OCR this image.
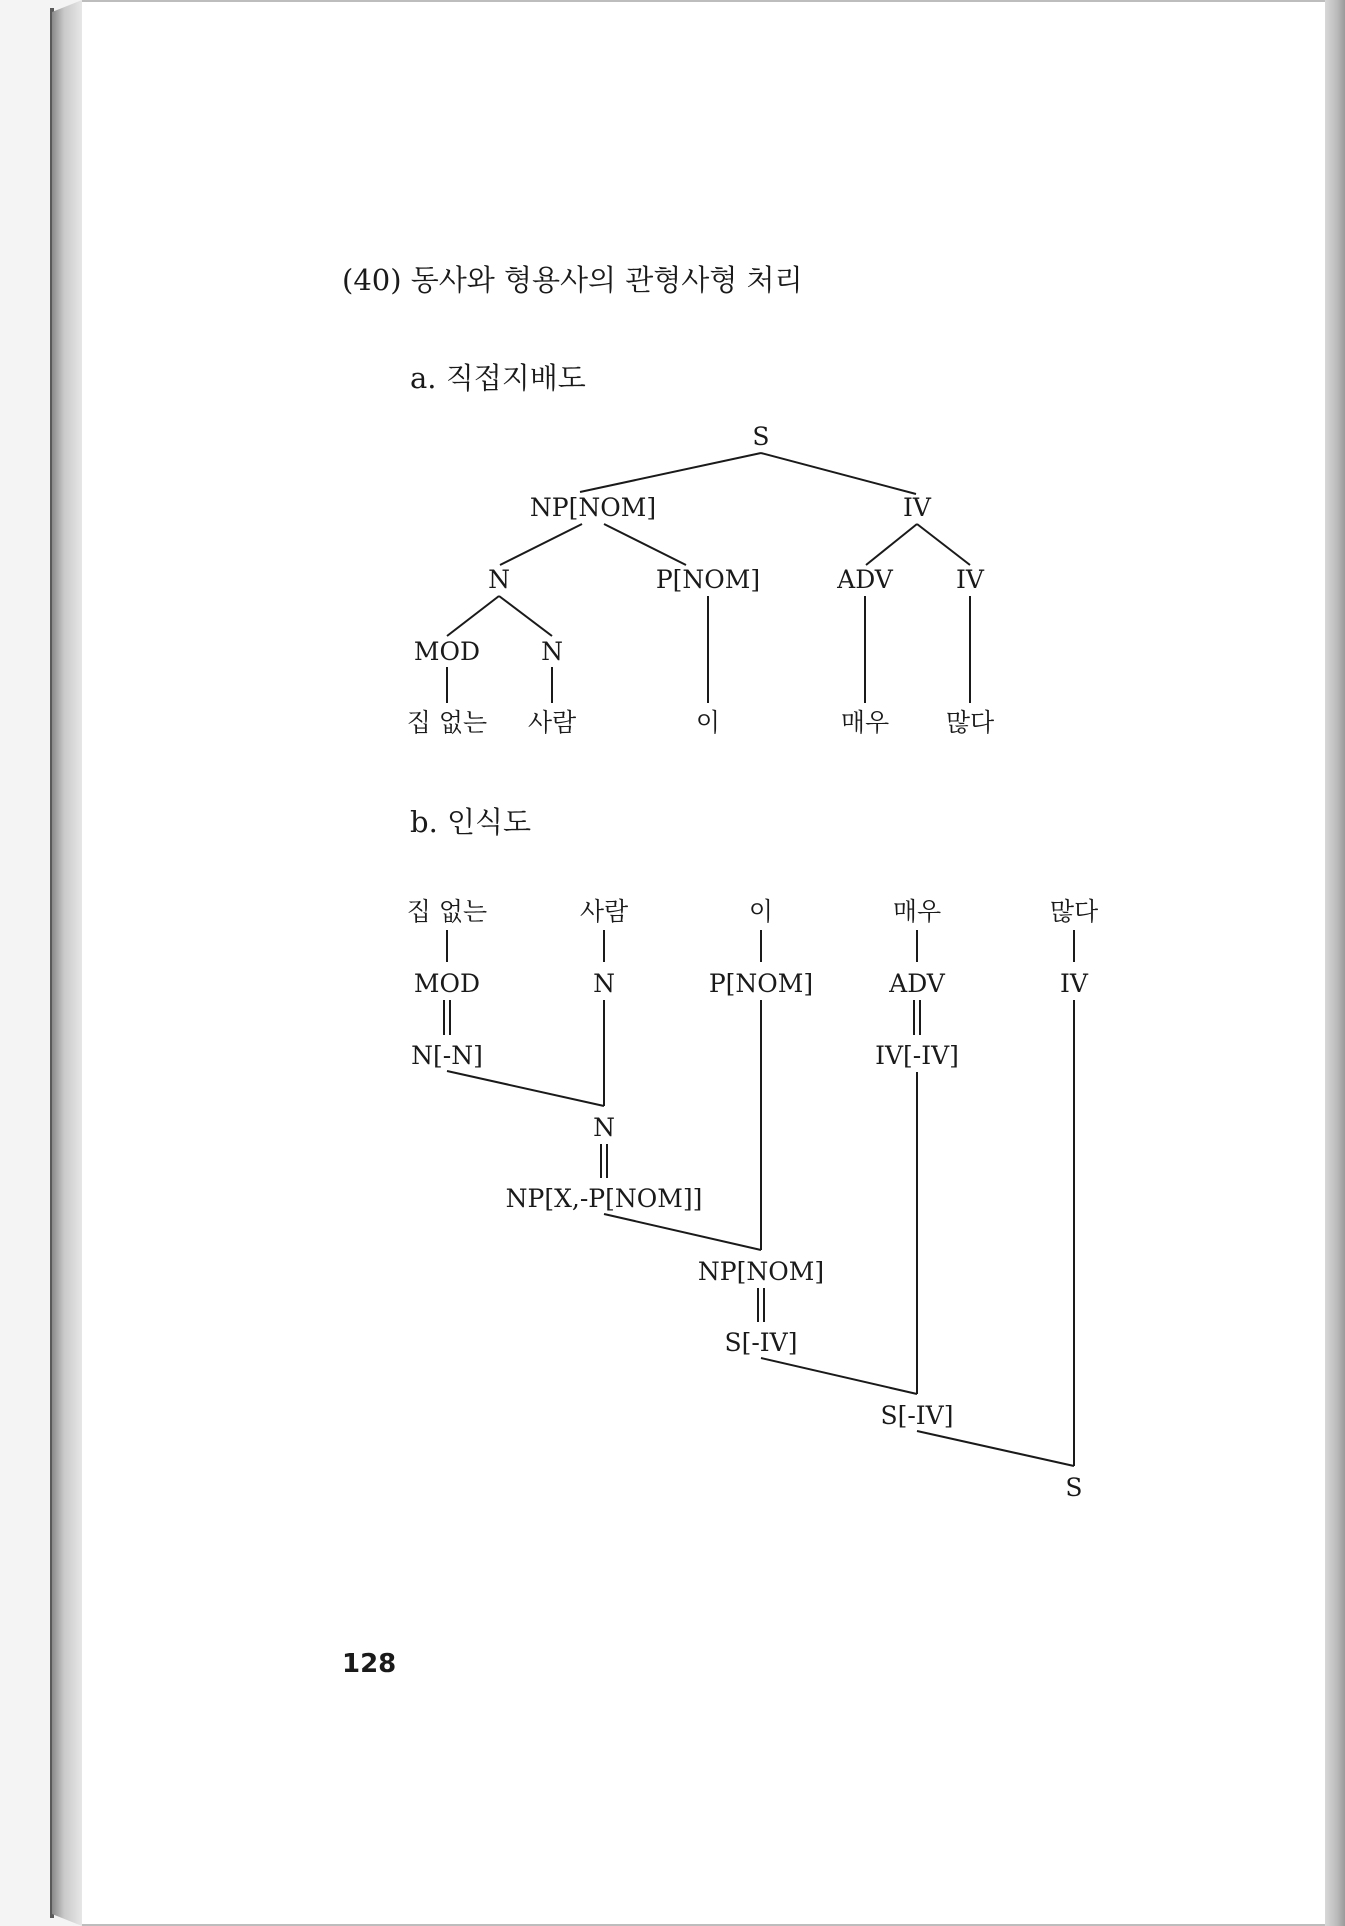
(40) 동사와 형용사의 관형사형 처리
a. 직접지배도
b. 인식도
S
NP[NOM]	IV
N	P[NOM]	ADV	IV
MOD N
집 없는 사람	이	매우 많다
집 없는	사람	이	매우	많다
MOD	N	P[NOM]	ADV	IV
N[-N]	IV[-IV]
N
NP[X,-P[NOM]]
NP[NOM]
S[-IV]
S[-IV]
S
128
